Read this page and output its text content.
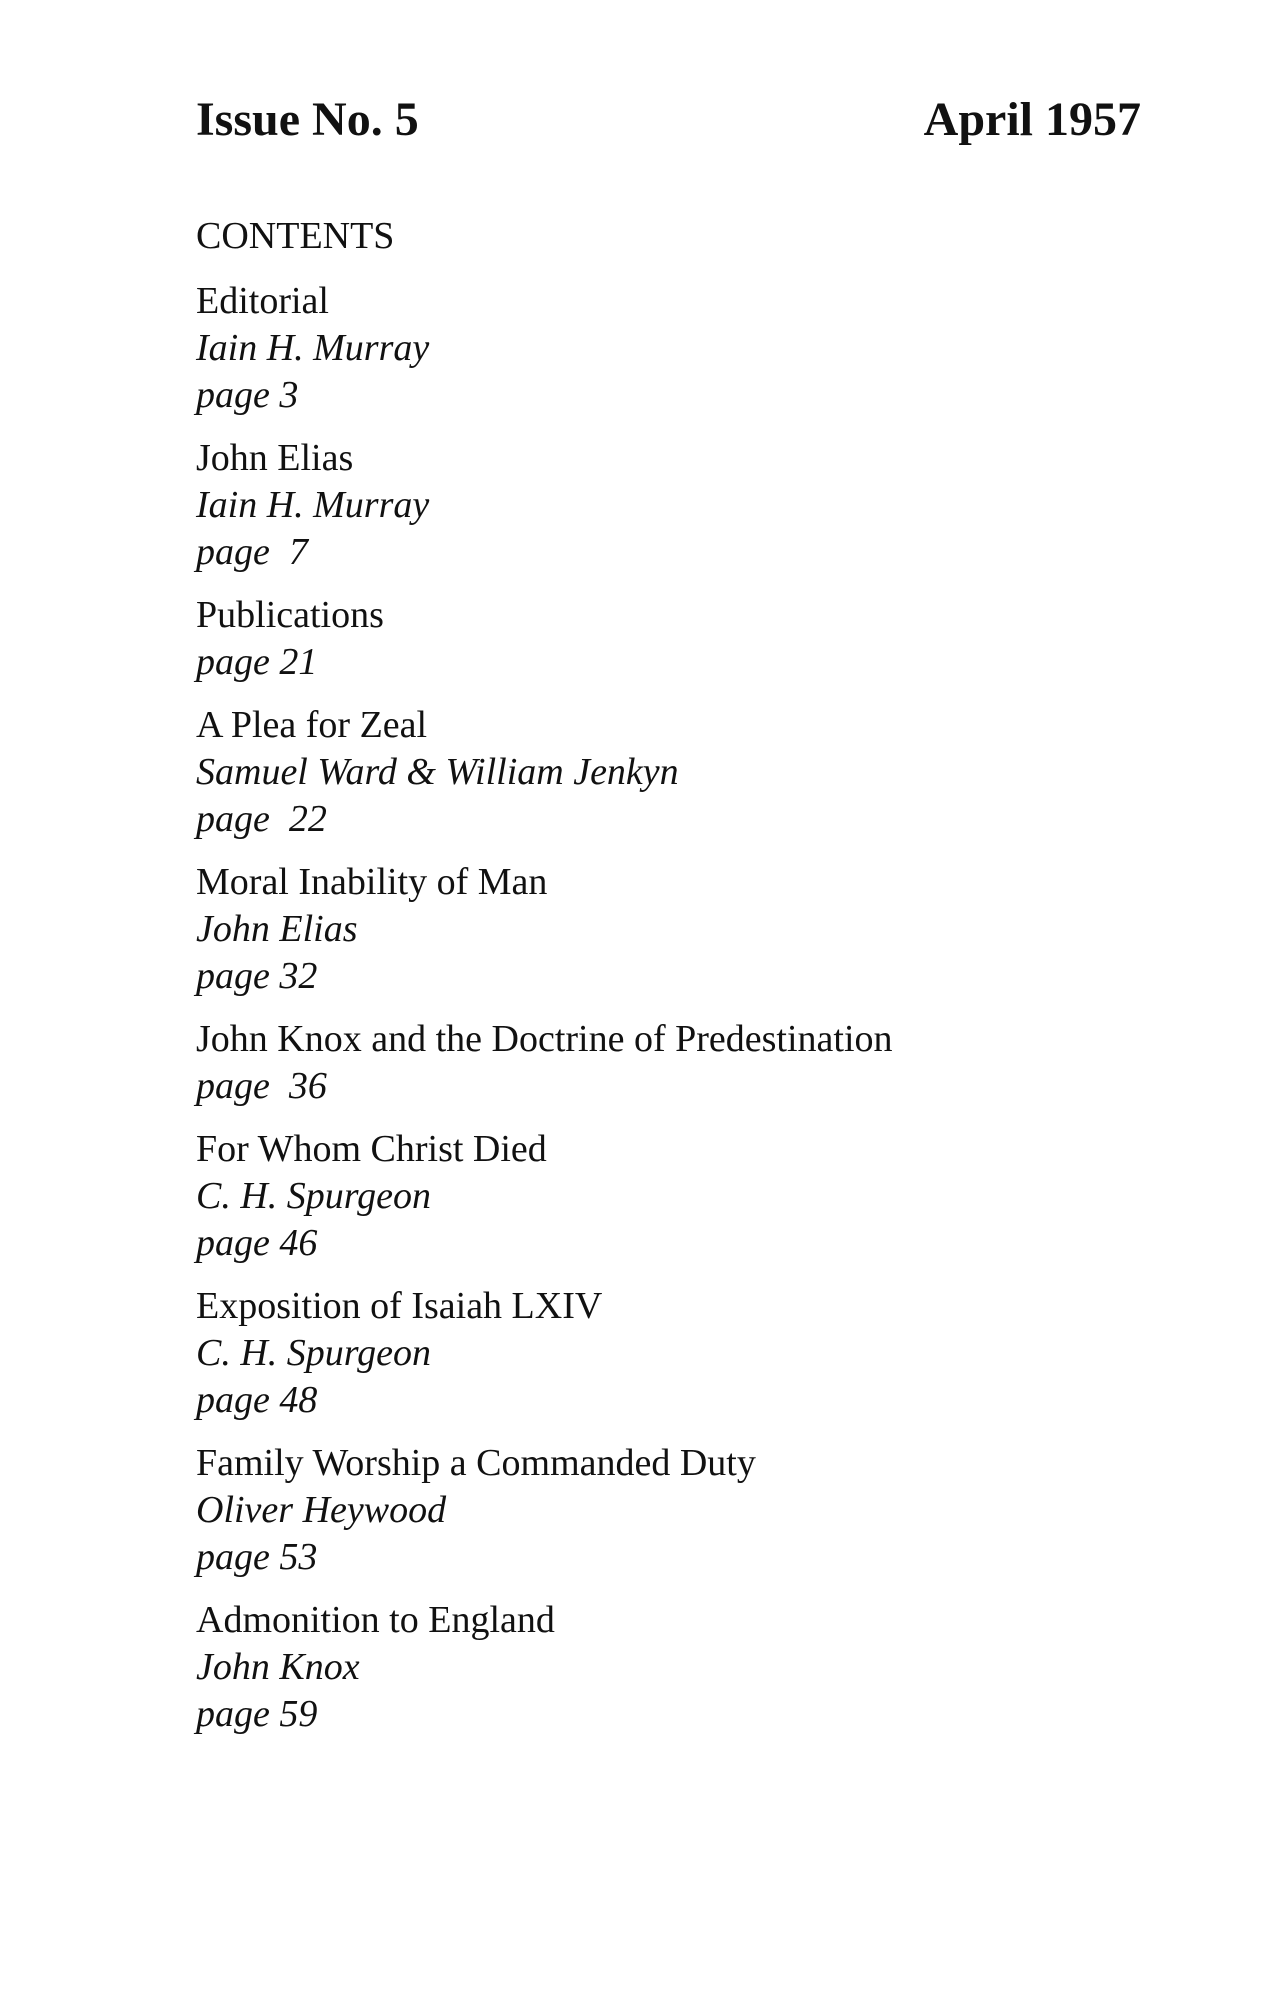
Issue No. 5	April 1957
CONTENTS
Editorial
Iain H. Murray
page 3
John Elias
Iain H. Murray
page  7
Publications
page 21
A Plea for Zeal
Samuel Ward & William Jenkyn
page  22
Moral Inability of Man
John Elias
page 32
John Knox and the Doctrine of Predestination
page  36
For Whom Christ Died
C. H. Spurgeon
page 46
Exposition of Isaiah LXIV
C. H. Spurgeon
page 48
Family Worship a Commanded Duty
Oliver Heywood
page 53
Admonition to England
John Knox
page 59
